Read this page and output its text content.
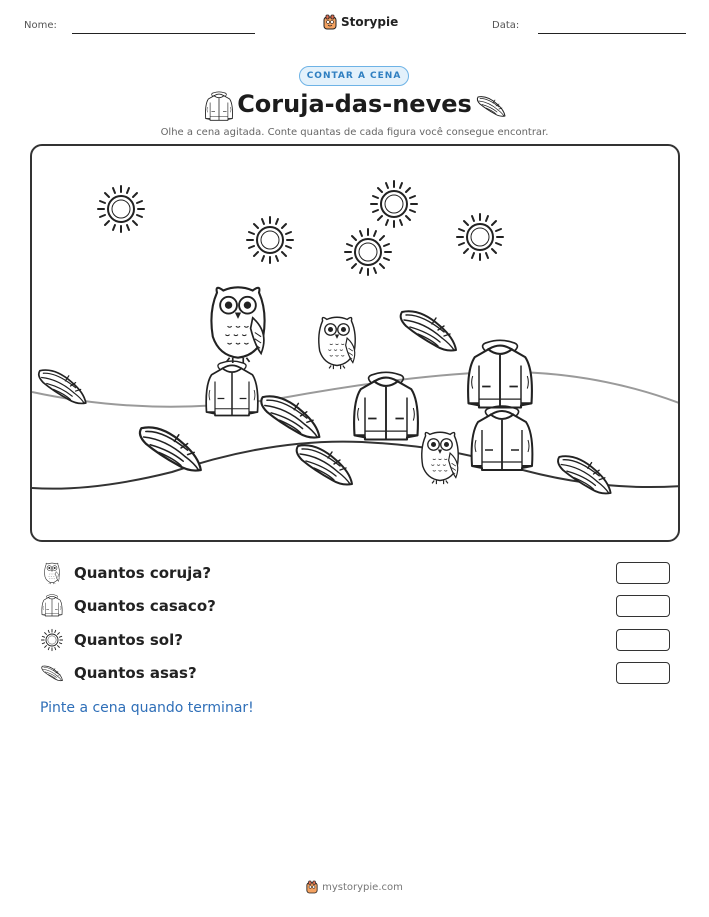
Nome:	Storypie	Data:
CONTAR A CENA
Coruja-das-neves
Olhe a cena agitada. Conte quantas de cada figura você consegue encontrar.
Quantos coruja?
Quantos casaco?
Quantos sol?
Quantos asas?
Pinte a cena quando terminar!
mystorypie.com
